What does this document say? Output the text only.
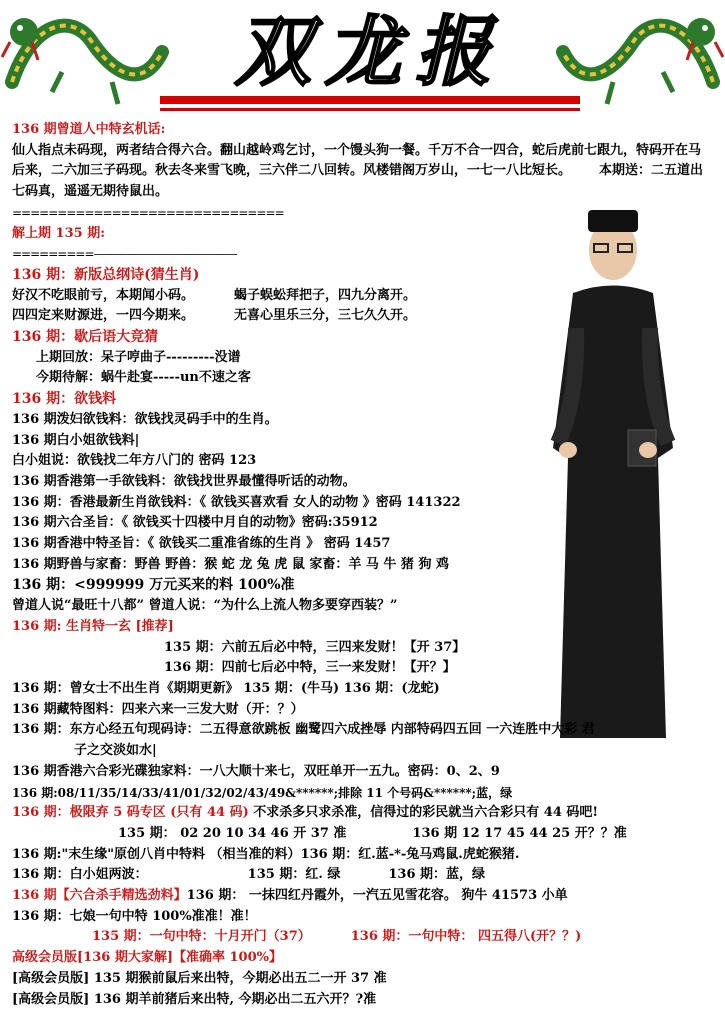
双龙报
136 期曾道人中特玄机话:
仙人指点未码现，两者结合得六合。翻山越岭鸡乞讨，一个馒头狗一餐。千万不合一四合，蛇后虎前七跟九，特码开在马后来，二六加三子码现。秋去冬来雪飞晚，三六伴二八回转。风楼错阁万岁山，一七一八比短长。 本期送：二五道出七码真，遥遥无期待鼠出。
==============================
解上期 135 期:
=========—————————————
136 期：新版总纲诗(猜生肖)
好汉不吃眼前亏，本期闻小码。	蝎子蜈蚣拜把子，四九分离开。
四四定来财源进，一四今期来。	无喜心里乐三分，三七久久开。
136 期：歇后语大竞猜
上期回放：呆子哼曲子---------没谱
今期待解：蜗牛赴宴-----un不速之客
136 期：欲钱料
136 期泼妇欲钱料：欲钱找灵码手中的生肖。
136 期白小姐欲钱料|
白小姐说：欲钱找二年方八门的 密码 123
136 期香港第一手欲钱料：欲钱找世界最懂得听话的动物。
136 期：香港最新生肖欲钱料：《 欲钱买喜欢看 女人的动物 》密码 141322
136 期六合圣旨：《 欲钱买十四楼中月自的动物》密码:35912
136 期香港中特圣旨：《 欲钱买二重准省练的生肖 》 密码 1457
136 期野兽与家畜：野兽 野兽：猴 蛇 龙 兔 虎 鼠 家畜：羊 马 牛 猪 狗 鸡
136 期：<999999 万元买来的料 100%准
曾道人说“最旺十八都” 曾道人说：“为什么上流人物多要穿西装？”
136 期: 生肖特一玄 [推荐]
135 期：六前五后必中特，三四来发财！【开 37】
136 期：四前七后必中特，三一来发财！【开？】
136 期：曾女士不出生肖《期期更新》 135 期：(牛马) 136 期：(龙蛇)
136 期藏特图料：四来六来一三发大财（开：？）
136 期：东方心经五句现码诗：二五得意欲跳板 幽鹭四六成挫辱 内部特码四五回 一六连胜中大彩 君
子之交淡如水|
136 期香港六合彩光碟独家料：一八大顺十来七，双旺单开一五九。密码：0、2、9
136 期:08/11/35/14/33/41/01/32/02/43/49&******;排除 11 个号码&******;蓝，绿
136 期：极限弃 5 码专区 (只有 44 码) 不求杀多只求杀准，信得过的彩民就当六合彩只有 44 码吧!
135 期： 02 20 10 34 46 开 37 准	136 期 12 17 45 44 25 开？？准
136 期:"末生缘"原创八肖中特料 （相当准的料）136 期：红.蓝-*-兔马鸡鼠.虎蛇猴猪.
136 期：白小姐两波：	135 期：红. 绿	136 期：蓝，绿
136 期【六合杀手精选劲料】136 期： 一抹四红丹霞外，一汽五见雪花容。 狗牛 41573 小单
136 期：七娘一句中特 100%准准！准！
135 期：一句中特：十月开门（37）	136 期：一句中特： 四五得八(开？？)
高级会员版[136 期大家解]【准确率 100%】
[高级会员版] 135 期猴前鼠后来出特，今期必出五二一开 37 准
[高级会员版] 136 期羊前猪后来出特, 今期必出二五六开？?准
